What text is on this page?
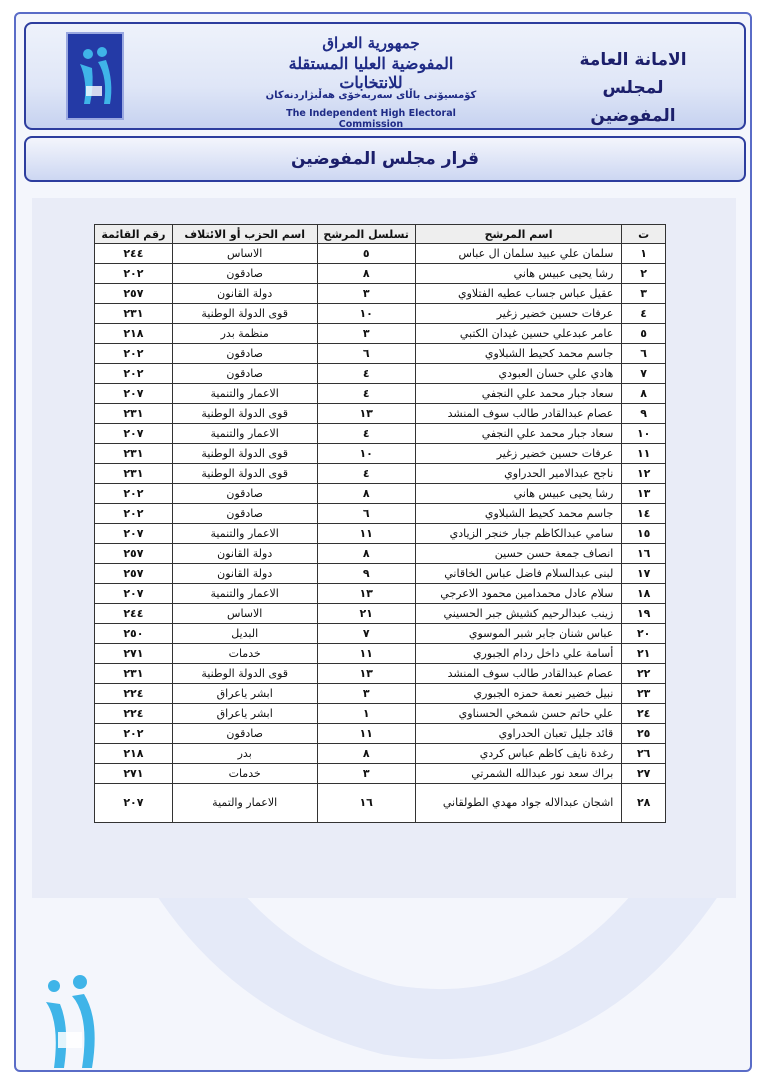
جمهورية العراق
المفوضية العليا المستقلة للانتخابات
كۆمسيۆنى باڵاى سەربەخۆى هەڵبژاردنەكان
The Independent High Electoral Commission
الامانة العامة
لمجلس المفوضين
قرار مجلس المفوضين
ت	اسم المرشح	تسلسل المرشح	اسم الحزب أو الائتلاف	رقم القائمة
١	سلمان علي عبيد سلمان ال عباس	٥	الاساس	٢٤٤
٢	رشا يحيى عبيس هاني	٨	صادقون	٢٠٢
٣	عقيل عباس جساب عطيه الفتلاوي	٣	دولة القانون	٢٥٧
٤	عرفات حسين خضير زغير	١٠	قوى الدولة الوطنية	٢٣١
٥	عامر عبدعلي حسين غيدان الكتبي	٣	منظمة بدر	٢١٨
٦	جاسم محمد كحيط الشبلاوي	٦	صادقون	٢٠٢
٧	هادي علي حسان العبودي	٤	صادقون	٢٠٢
٨	سعاد جبار محمد علي النجفي	٤	الاعمار والتنمية	٢٠٧
٩	عصام عبدالقادر طالب سوف المنشد	١٣	قوى الدولة الوطنية	٢٣١
١٠	سعاد جبار محمد علي النجفي	٤	الاعمار والتنمية	٢٠٧
١١	عرفات حسين خضير زغير	١٠	قوى الدولة الوطنية	٢٣١
١٢	ناجح عبدالامير الحدراوي	٤	قوى الدولة الوطنية	٢٣١
١٣	رشا يحيى عبيس هاني	٨	صادقون	٢٠٢
١٤	جاسم محمد كحيط الشبلاوي	٦	صادقون	٢٠٢
١٥	سامي عبدالكاظم جبار خنجر الزيادي	١١	الاعمار والتنمية	٢٠٧
١٦	انصاف جمعة حسن حسين	٨	دولة القانون	٢٥٧
١٧	لبنى عبدالسلام فاضل عباس الخاقاني	٩	دولة القانون	٢٥٧
١٨	سلام عادل محمدامين محمود الاعرجي	١٣	الاعمار والتنمية	٢٠٧
١٩	زينب عبدالرحيم كشيش جبر الحسيني	٢١	الاساس	٢٤٤
٢٠	عباس شنان جابر شبر الموسوي	٧	البديل	٢٥٠
٢١	أسامة علي داخل ردام الجبوري	١١	خدمات	٢٧١
٢٢	عصام عبدالقادر طالب سوف المنشد	١٣	قوى الدولة الوطنية	٢٣١
٢٣	نبيل خضير نعمة حمزه الجبوري	٣	ابشر ياعراق	٢٢٤
٢٤	علي حاتم حسن شمخي الحسناوي	١	ابشر ياعراق	٢٢٤
٢٥	قائد جليل تعبان الحدراوي	١١	صادقون	٢٠٢
٢٦	رغدة نايف كاظم عباس كردي	٨	بدر	٢١٨
٢٧	براك سعد نور عبدالله الشمرتي	٣	خدمات	٢٧١
٢٨	اشجان عبدالاله جواد مهدي الطولقاني	١٦	الاعمار والتمية	٢٠٧
